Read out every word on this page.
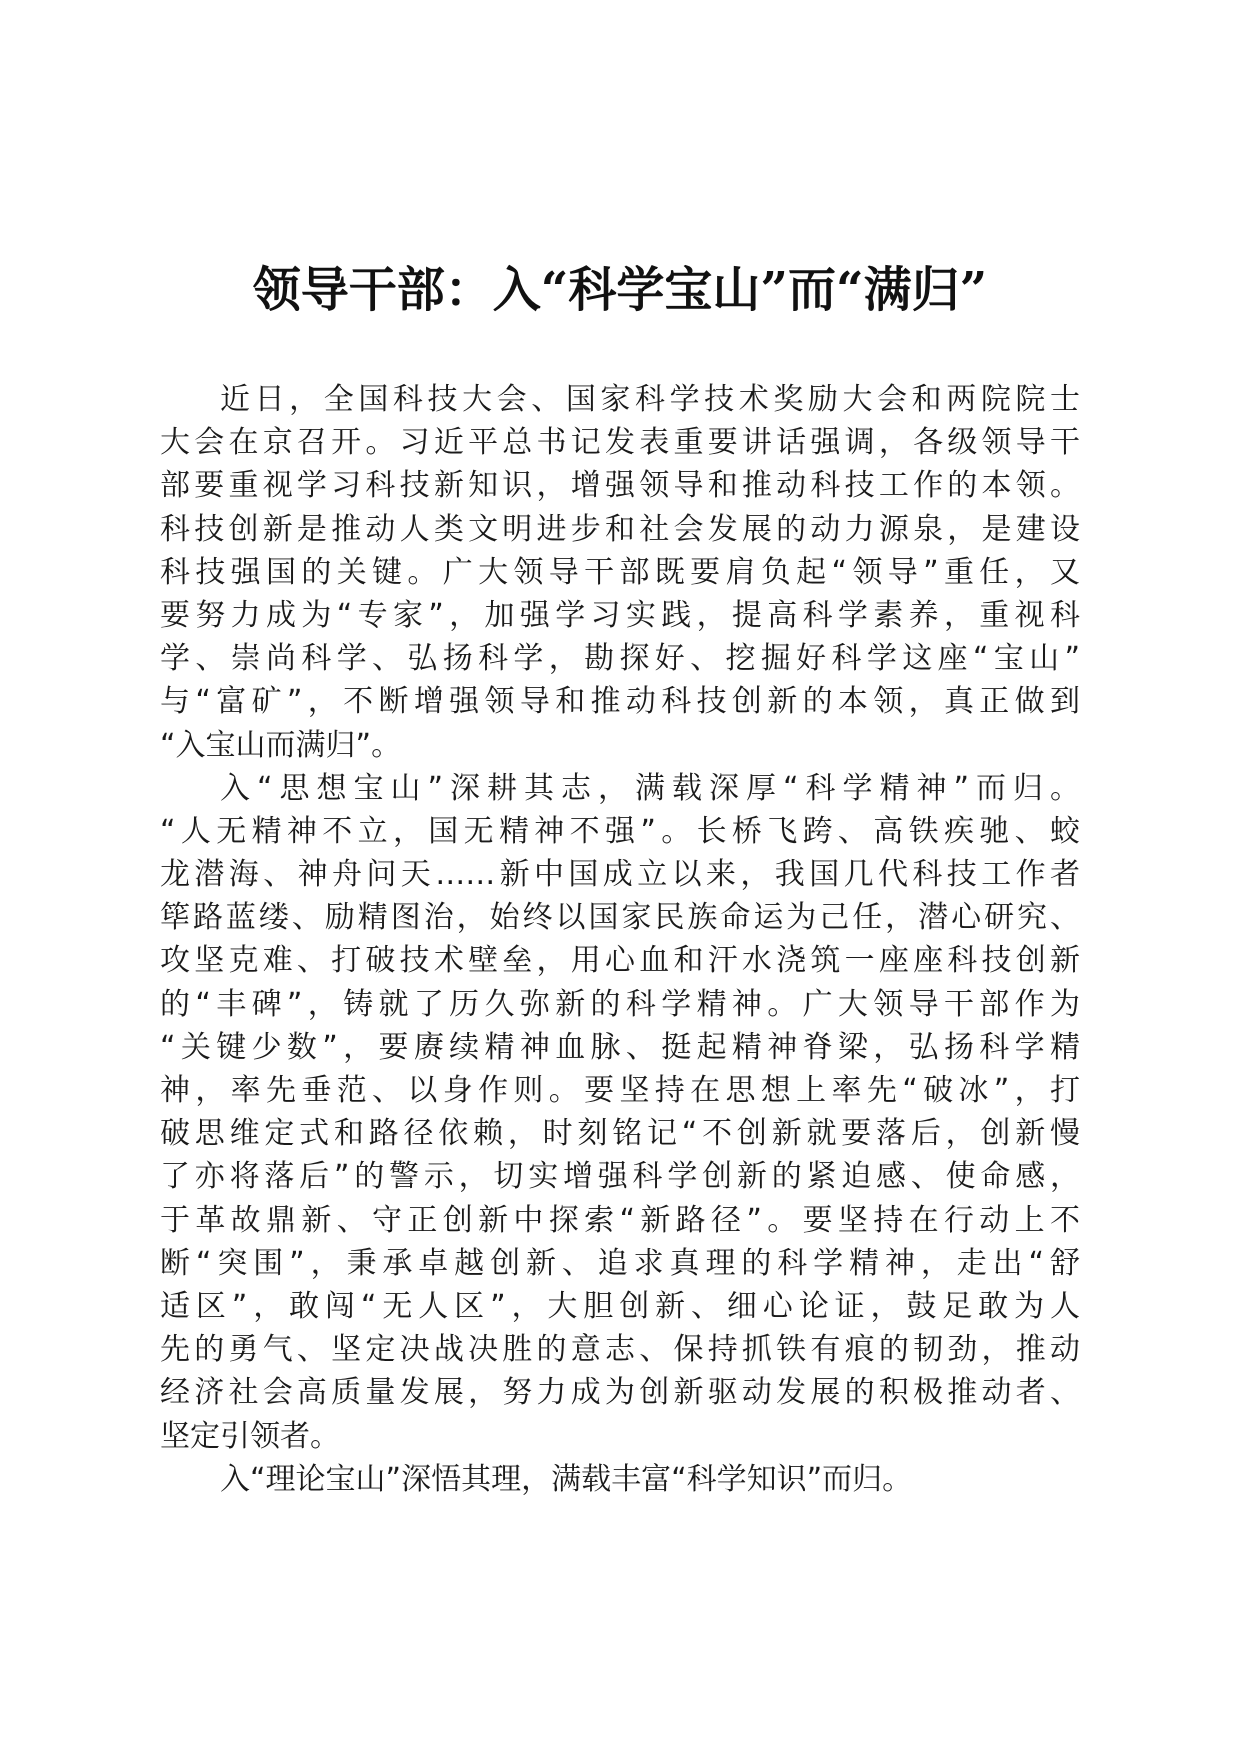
领导干部：入“科学宝山”而“满归”

近日，全国科技大会、国家科学技术奖励大会和两院院士
大会在京召开。习近平总书记发表重要讲话强调，各级领导干
部要重视学习科技新知识，增强领导和推动科技工作的本领。
科技创新是推动人类文明进步和社会发展的动力源泉，是建设
科技强国的关键。广大领导干部既要肩负起“领导”重任，又
要努力成为“专家”，加强学习实践，提高科学素养，重视科
学、崇尚科学、弘扬科学，勘探好、挖掘好科学这座“宝山”
与“富矿”，不断增强领导和推动科技创新的本领，真正做到
“入宝山而满归”。

入“思想宝山”深耕其志，满载深厚“科学精神”而归。
“人无精神不立，国无精神不强”。长桥飞跨、高铁疾驰、蛟
龙潜海、神舟问天……新中国成立以来，我国几代科技工作者
筚路蓝缕、励精图治，始终以国家民族命运为己任，潜心研究、
攻坚克难、打破技术壁垒，用心血和汗水浇筑一座座科技创新
的“丰碑”，铸就了历久弥新的科学精神。广大领导干部作为
“关键少数”，要赓续精神血脉、挺起精神脊梁，弘扬科学精
神，率先垂范、以身作则。要坚持在思想上率先“破冰”，打
破思维定式和路径依赖，时刻铭记“不创新就要落后，创新慢
了亦将落后”的警示，切实增强科学创新的紧迫感、使命感，
于革故鼎新、守正创新中探索“新路径”。要坚持在行动上不
断“突围”，秉承卓越创新、追求真理的科学精神，走出“舒
适区”，敢闯“无人区”，大胆创新、细心论证，鼓足敢为人
先的勇气、坚定决战决胜的意志、保持抓铁有痕的韧劲，推动
经济社会高质量发展，努力成为创新驱动发展的积极推动者、
坚定引领者。

入“理论宝山”深悟其理，满载丰富“科学知识”而归。
